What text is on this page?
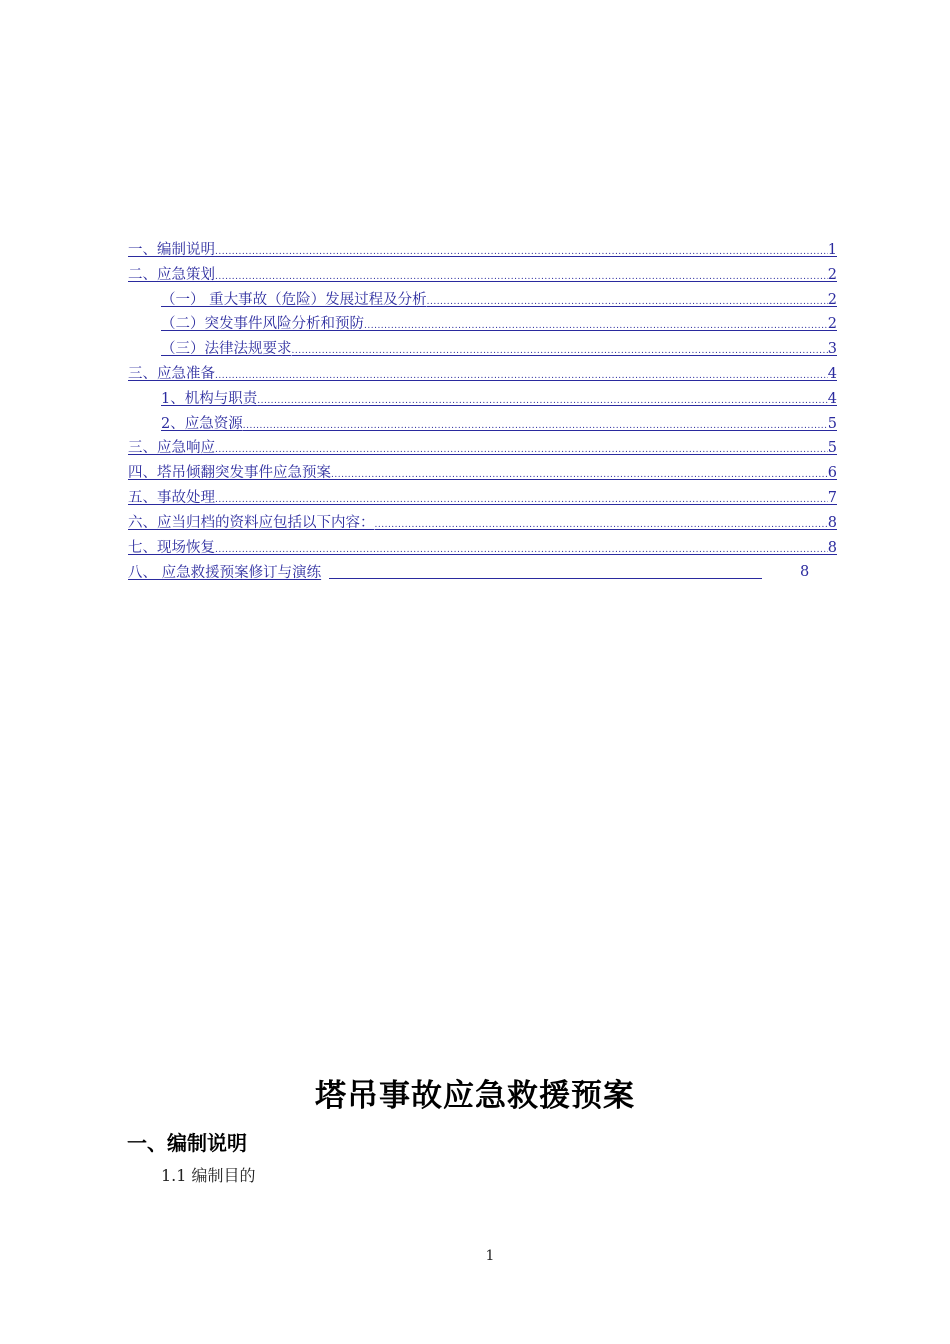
一、编制说明 .....	1
二、应急策划 .....	2
（一） 重大事故（危险）发展过程及分析 .....	2
（二）突发事件风险分析和预防 .....	2
（三）法律法规要求 .....	3
三、应急准备 .....	4
1、机构与职责 .....	4
2、应急资源 .....	5
三、应急响应 .....	5
四、塔吊倾翻突发事件应急预案 .....	6
五、事故处理 .....	7
六、应当归档的资料应包括以下内容： .....	8
七、现场恢复 .....	8
八、 应急救援预案修订与演练	8
塔吊事故应急救援预案
一、编制说明
1.1 编制目的
1
